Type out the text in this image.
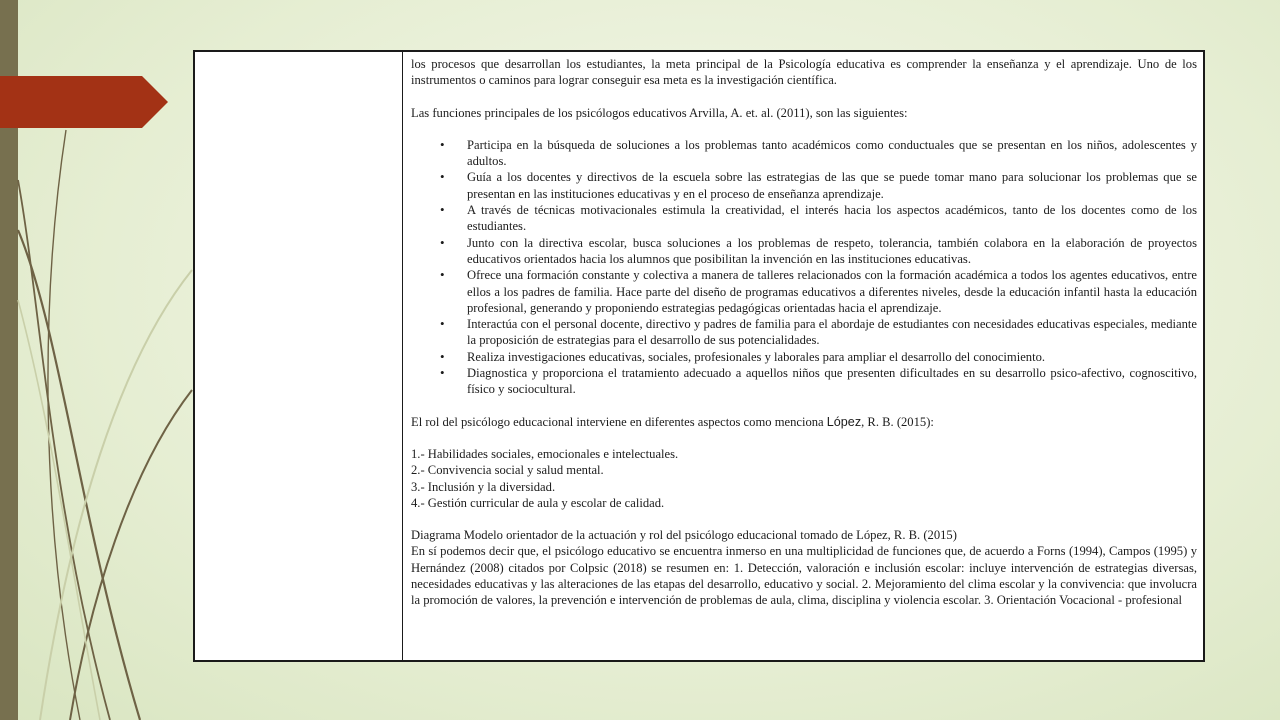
los procesos que desarrollan los estudiantes, la meta principal de la Psicología educativa es comprender la enseñanza y el aprendizaje. Uno de los instrumentos o caminos para lograr conseguir esa meta es la investigación científica.

Las funciones principales de los psicólogos educativos Arvilla, A. et. al. (2011), son las siguientes:

• Participa en la búsqueda de soluciones a los problemas tanto académicos como conductuales que se presentan en los niños, adolescentes y adultos.
• Guía a los docentes y directivos de la escuela sobre las estrategias de las que se puede tomar mano para solucionar los problemas que se presentan en las instituciones educativas y en el proceso de enseñanza aprendizaje.
• A través de técnicas motivacionales estimula la creatividad, el interés hacia los aspectos académicos, tanto de los docentes como de los estudiantes.
• Junto con la directiva escolar, busca soluciones a los problemas de respeto, tolerancia, también colabora en la elaboración de proyectos educativos orientados hacia los alumnos que posibilitan la invención en las instituciones educativas.
• Ofrece una formación constante y colectiva a manera de talleres relacionados con la formación académica a todos los agentes educativos, entre ellos a los padres de familia. Hace parte del diseño de programas educativos a diferentes niveles, desde la educación infantil hasta la educación profesional, generando y proponiendo estrategias pedagógicas orientadas hacia el aprendizaje.
• Interactúa con el personal docente, directivo y padres de familia para el abordaje de estudiantes con necesidades educativas especiales, mediante la proposición de estrategias para el desarrollo de sus potencialidades.
• Realiza investigaciones educativas, sociales, profesionales y laborales para ampliar el desarrollo del conocimiento.
• Diagnostica y proporciona el tratamiento adecuado a aquellos niños que presenten dificultades en su desarrollo psico-afectivo, cognoscitivo, físico y sociocultural.

El rol del psicólogo educacional interviene en diferentes aspectos como menciona López, R. B. (2015):

1.- Habilidades sociales, emocionales e intelectuales.
2.- Convivencia social y salud mental.
3.- Inclusión y la diversidad.
4.- Gestión curricular de aula y escolar de calidad.

Diagrama Modelo orientador de la actuación y rol del psicólogo educacional tomado de López, R. B. (2015)

En sí podemos decir que, el psicólogo educativo se encuentra inmerso en una multiplicidad de funciones que, de acuerdo a Forns (1994), Campos (1995) y Hernández (2008) citados por Colpsic (2018) se resumen en: 1. Detección, valoración e inclusión escolar: incluye intervención de estrategias diversas, necesidades educativas y las alteraciones de las etapas del desarrollo, educativo y social. 2. Mejoramiento del clima escolar y la convivencia: que involucra la promoción de valores, la prevención e intervención de problemas de aula, clima, disciplina y violencia escolar. 3. Orientación Vocacional - profesional
